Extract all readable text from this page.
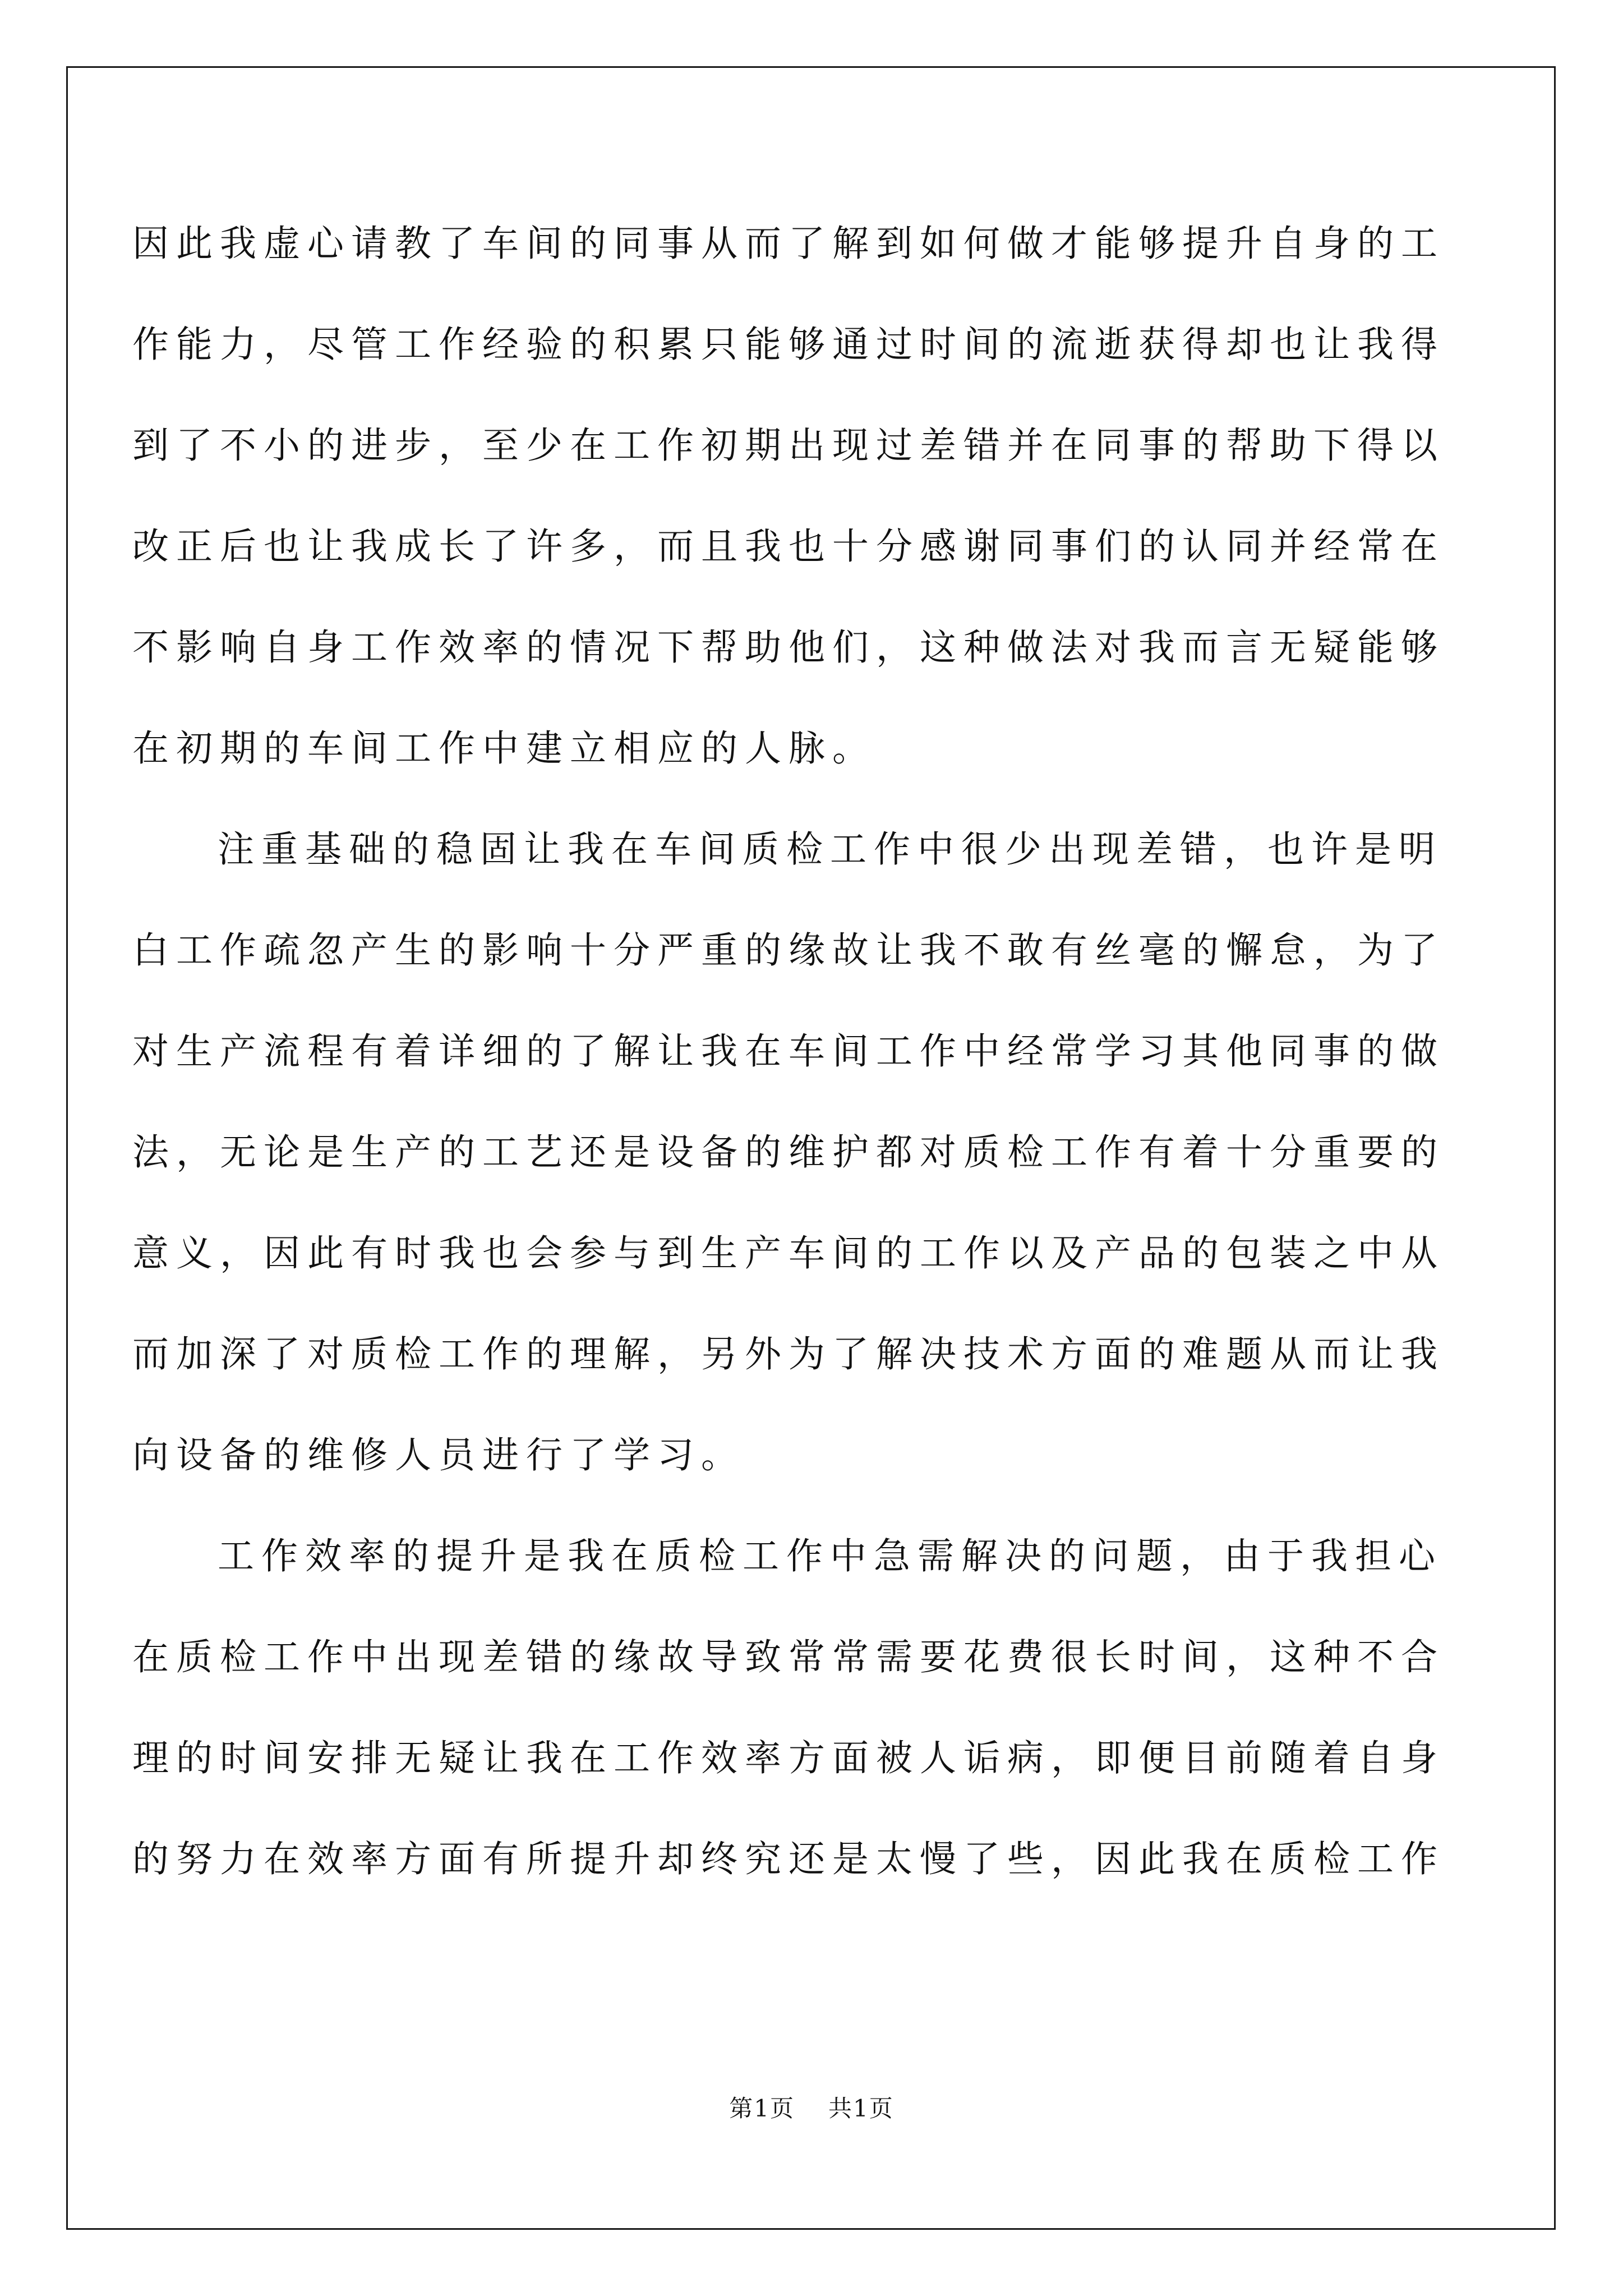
因此我虚心请教了车间的同事从而了解到如何做才能够提升自身的工
作能力，尽管工作经验的积累只能够通过时间的流逝获得却也让我得
到了不小的进步，至少在工作初期出现过差错并在同事的帮助下得以
改正后也让我成长了许多，而且我也十分感谢同事们的认同并经常在
不影响自身工作效率的情况下帮助他们，这种做法对我而言无疑能够
在初期的车间工作中建立相应的人脉。
注重基础的稳固让我在车间质检工作中很少出现差错，也许是明
白工作疏忽产生的影响十分严重的缘故让我不敢有丝毫的懈怠，为了
对生产流程有着详细的了解让我在车间工作中经常学习其他同事的做
法，无论是生产的工艺还是设备的维护都对质检工作有着十分重要的
意义，因此有时我也会参与到生产车间的工作以及产品的包装之中从
而加深了对质检工作的理解，另外为了解决技术方面的难题从而让我
向设备的维修人员进行了学习。
工作效率的提升是我在质检工作中急需解决的问题，由于我担心
在质检工作中出现差错的缘故导致常常需要花费很长时间，这种不合
理的时间安排无疑让我在工作效率方面被人诟病，即便目前随着自身
的努力在效率方面有所提升却终究还是太慢了些，因此我在质检工作
第1页 共1页
